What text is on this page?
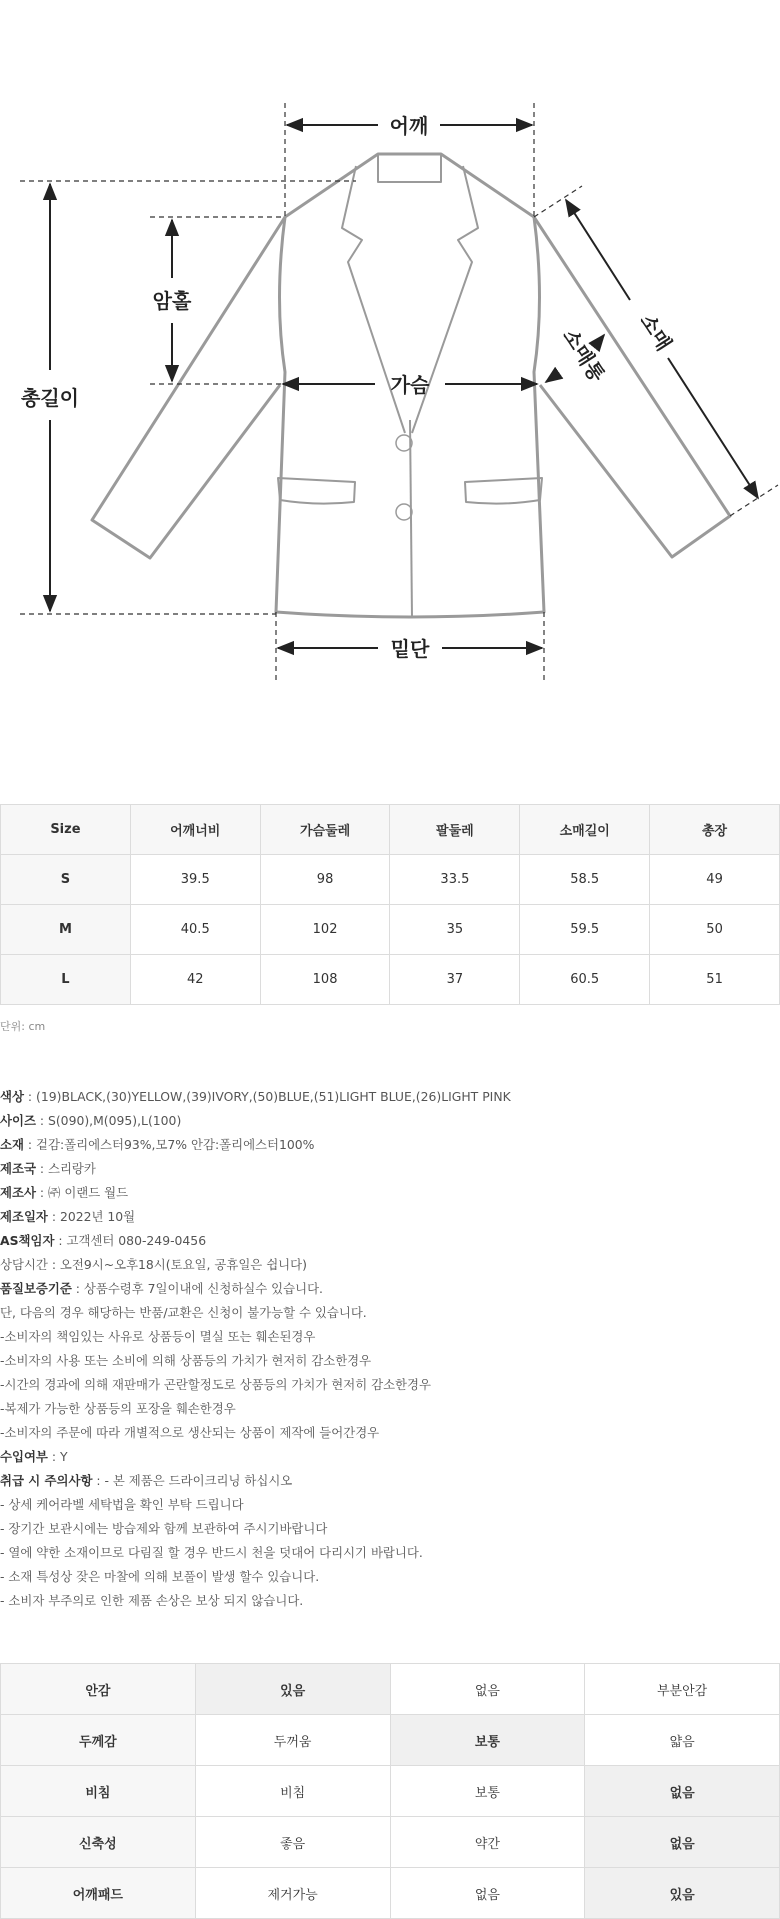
어깨
암홀
총길이
가슴
밑단
소매
소매통
Size	어깨너비	가슴둘레	팔둘레	소매길이	총장
S	39.5	98	33.5	58.5	49
M	40.5	102	35	59.5	50
L	42	108	37	60.5	51
단위: cm
색상 : (19)BLACK,(30)YELLOW,(39)IVORY,(50)BLUE,(51)LIGHT BLUE,(26)LIGHT PINK
사이즈 : S(090),M(095),L(100)
소재 : 겉감:폴리에스터93%,모7% 안감:폴리에스터100%
제조국 : 스리랑카
제조사 : ㈜ 이랜드 월드
제조일자 : 2022년 10월
AS책임자 : 고객센터 080-249-0456
상담시간 : 오전9시~오후18시(토요일, 공휴일은 쉽니다)
품질보증기준 : 상품수령후 7일이내에 신청하실수 있습니다.
단, 다음의 경우 해당하는 반품/교환은 신청이 불가능할 수 있습니다.
-소비자의 책임있는 사유로 상품등이 멸실 또는 훼손된경우
-소비자의 사용 또는 소비에 의해 상품등의 가치가 현저히 감소한경우
-시간의 경과에 의해 재판매가 곤란할정도로 상품등의 가치가 현저히 감소한경우
-복제가 가능한 상품등의 포장을 훼손한경우
-소비자의 주문에 따라 개별적으로 생산되는 상품이 제작에 들어간경우
수입여부 : Y
취급 시 주의사항 : - 본 제품은 드라이크리닝 하십시오
- 상세 케어라벨 세탁법을 확인 부탁 드립니다
- 장기간 보관시에는 방습제와 함께 보관하여 주시기바랍니다
- 열에 약한 소재이므로 다림질 할 경우 반드시 천을 덧대어 다리시기 바랍니다.
- 소재 특성상 잦은 마찰에 의해 보풀이 발생 할수 있습니다.
- 소비자 부주의로 인한 제품 손상은 보상 되지 않습니다.
안감	있음	없음	부분안감
두께감	두꺼움	보통	얇음
비침	비침	보통	없음
신축성	좋음	약간	없음
어깨패드	제거가능	없음	있음
